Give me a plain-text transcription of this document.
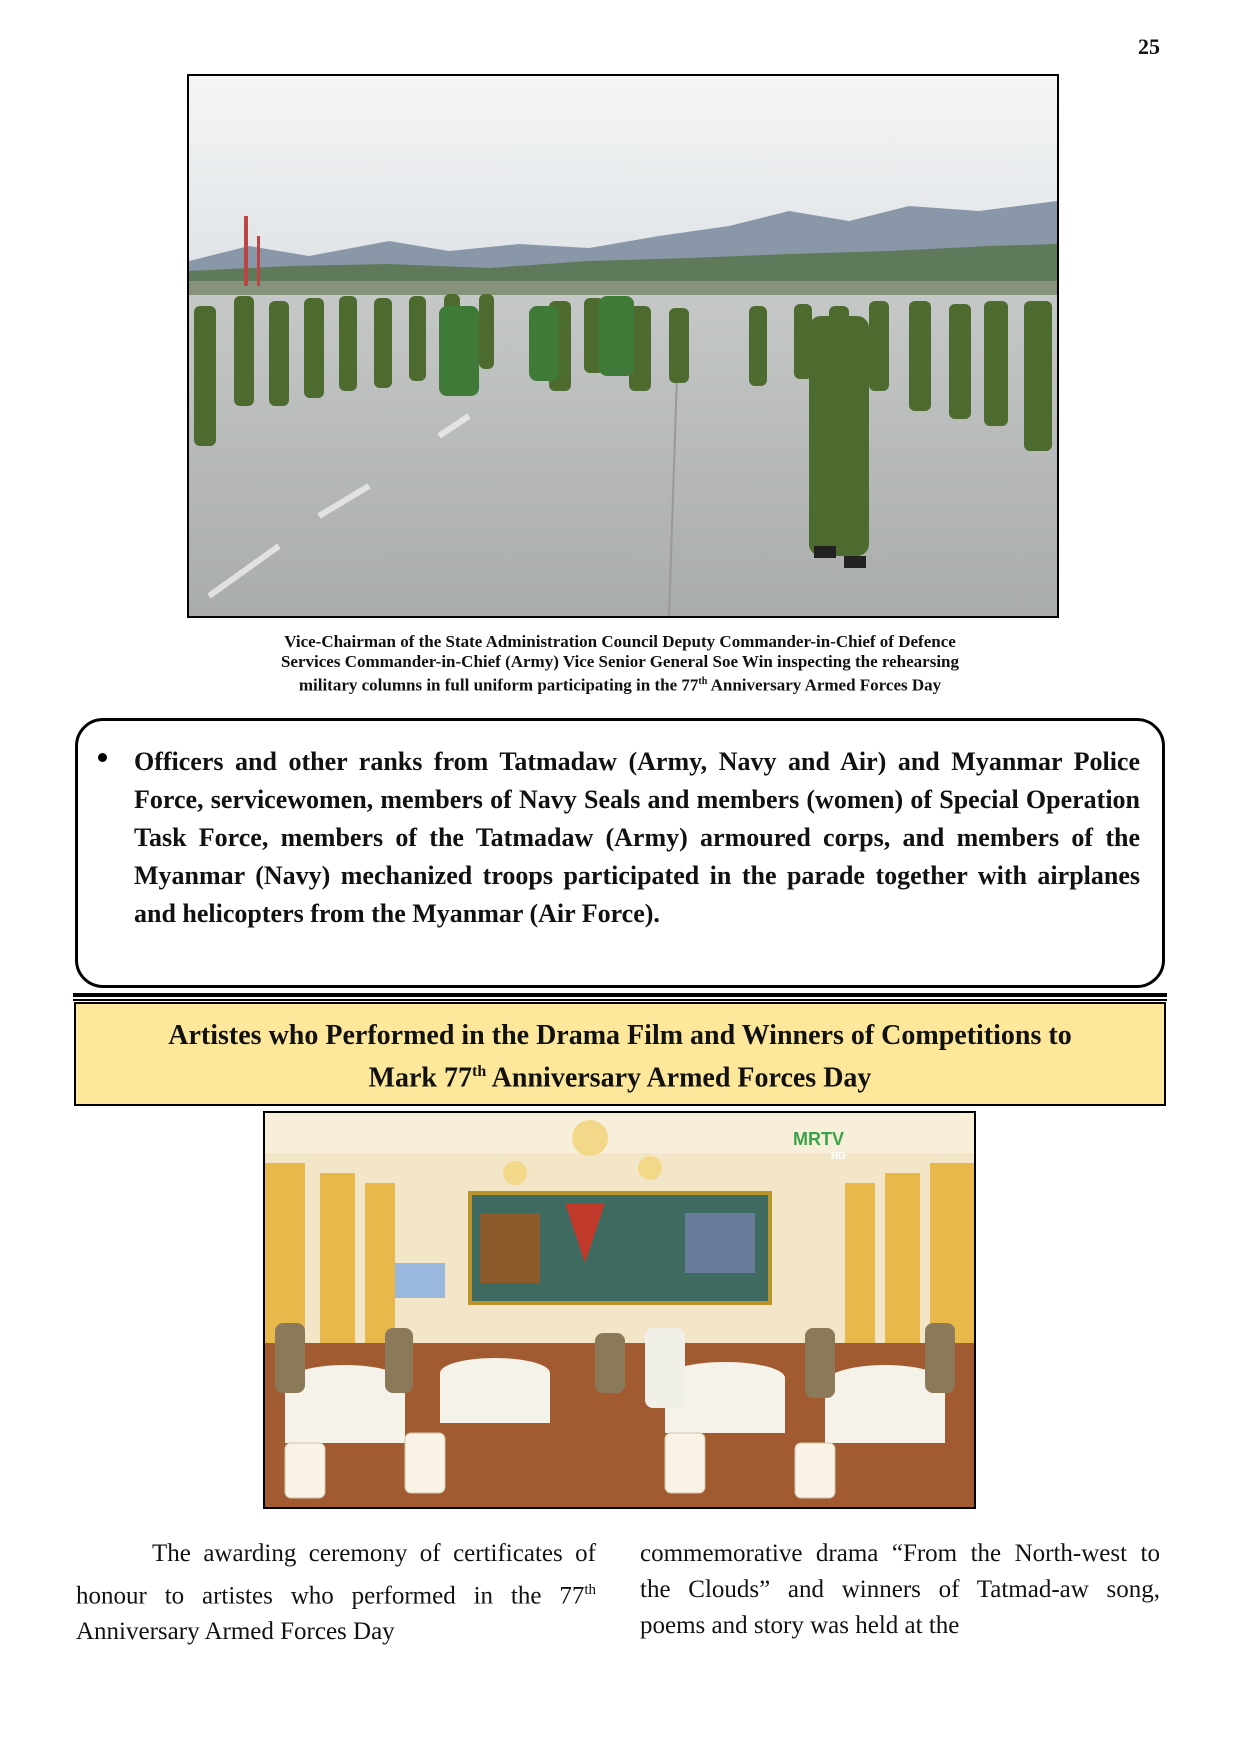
25
Vice-Chairman of the State Administration Council Deputy Commander-in-Chief of Defence
Services Commander-in-Chief (Army) Vice Senior General Soe Win inspecting the rehearsing
military columns in full uniform participating in the 77th Anniversary Armed Forces Day

Officers and other ranks from Tatmadaw (Army, Navy and Air) and Myanmar Police Force, servicewomen, members of Navy Seals and members (women) of Special Operation Task Force, members of the Tatmadaw (Army) armoured corps, and members of the Myanmar (Navy) mechanized troops participated in the parade together with airplanes and helicopters from the Myanmar (Air Force).

Artistes who Performed in the Drama Film and Winners of Competitions to
Mark 77th Anniversary Armed Forces Day
MRTV
HD
The awarding ceremony of certificates of honour to artistes who performed in the 77th Anniversary Armed Forces Day
commemorative drama “From the North-west to the Clouds” and winners of Tatmad-aw song, poems and story was held at the
